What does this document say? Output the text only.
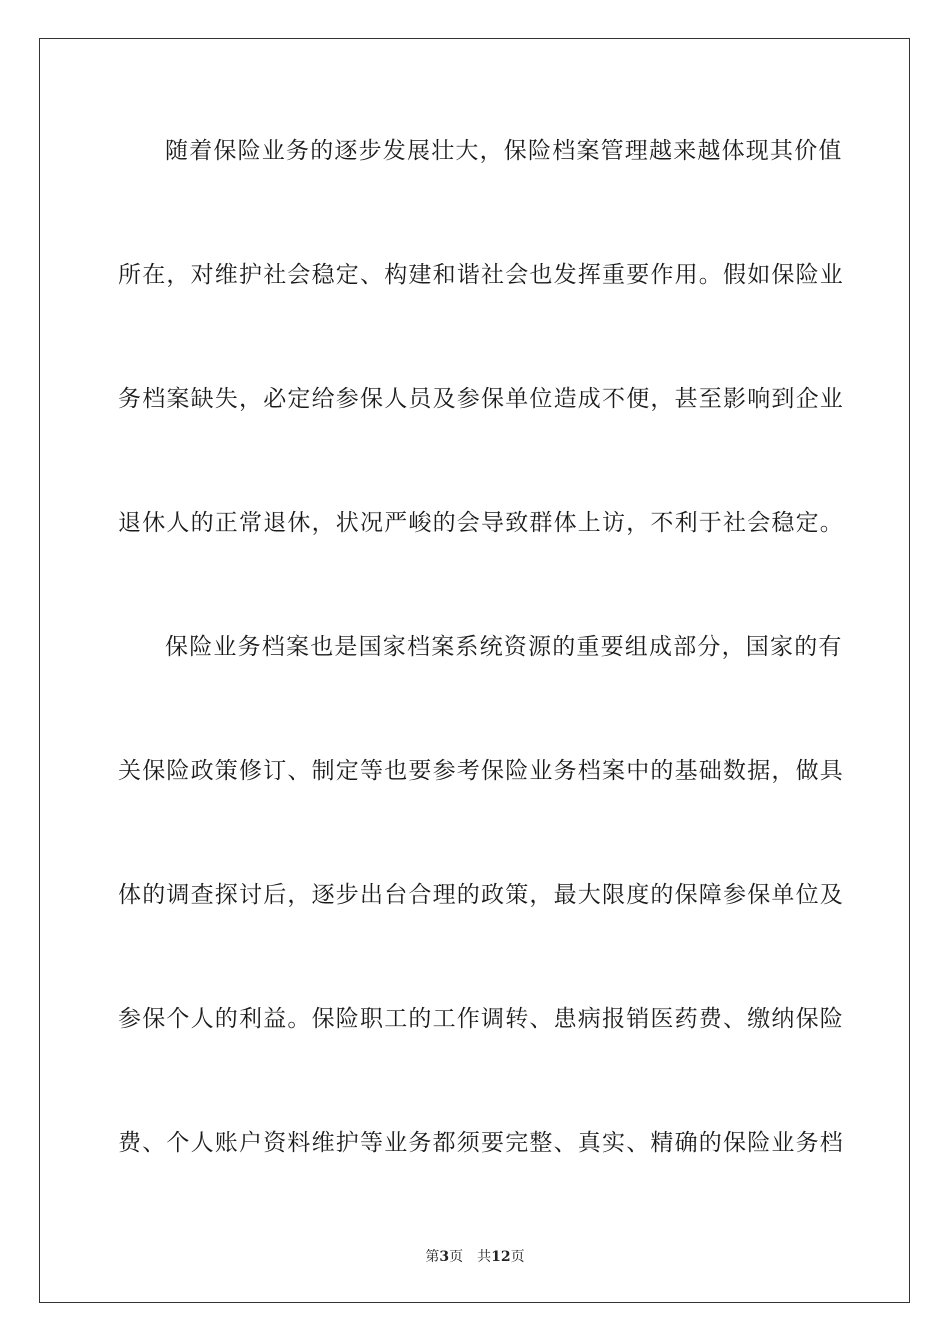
随着保险业务的逐步发展壮大，保险档案管理越来越体现其价值
所在，对维护社会稳定、构建和谐社会也发挥重要作用。假如保险业
务档案缺失，必定给参保人员及参保单位造成不便，甚至影响到企业
退休人的正常退休，状况严峻的会导致群体上访，不利于社会稳定。
保险业务档案也是国家档案系统资源的重要组成部分，国家的有
关保险政策修订、制定等也要参考保险业务档案中的基础数据，做具
体的调查探讨后，逐步出台合理的政策，最大限度的保障参保单位及
参保个人的利益。保险职工的工作调转、患病报销医药费、缴纳保险
费、个人账户资料维护等业务都须要完整、真实、精确的保险业务档
第3页 共12页
